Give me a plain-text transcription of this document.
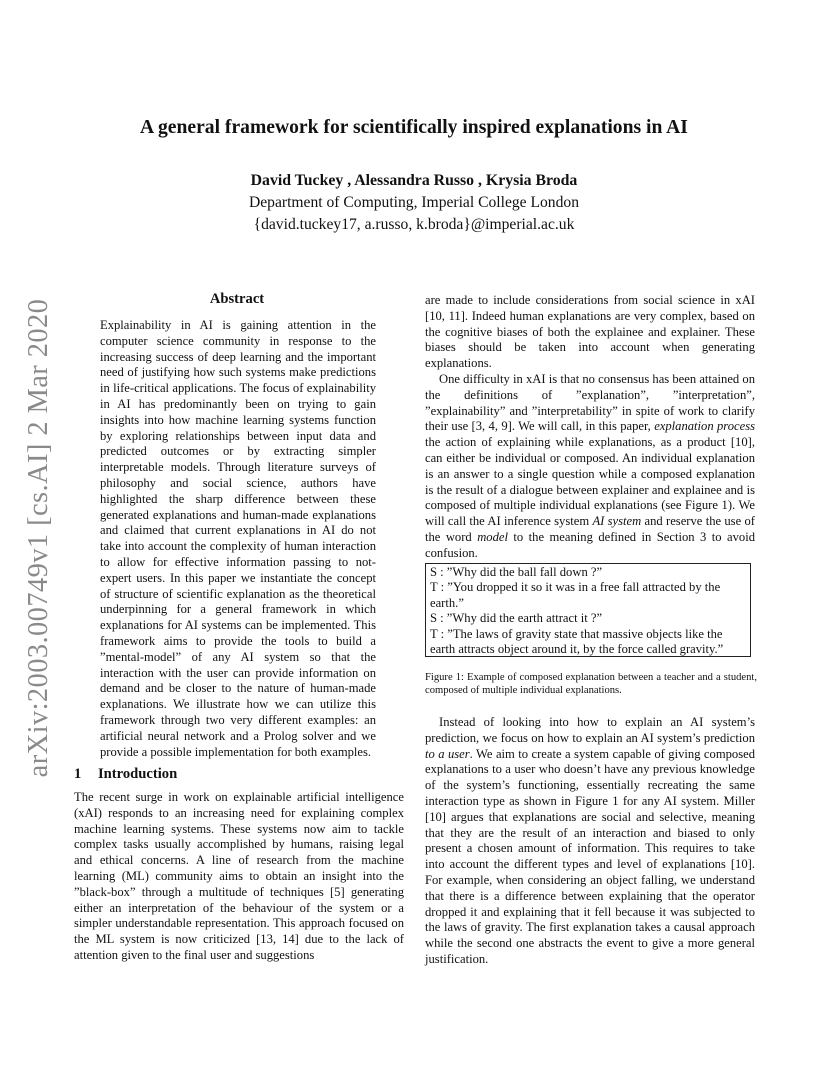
arXiv:2003.00749v1 [cs.AI] 2 Mar 2020
A general framework for scientifically inspired explanations in AI
David Tuckey , Alessandra Russo , Krysia Broda
Department of Computing, Imperial College London
{david.tuckey17, a.russo, k.broda}@imperial.ac.uk
Abstract

Explainability in AI is gaining attention in the computer science community in response to the increasing success of deep learning and the important need of justifying how such systems make predictions in life-critical applications. The focus of explainability in AI has predominantly been on trying to gain insights into how machine learning systems function by exploring relationships between input data and predicted outcomes or by extracting simpler interpretable models. Through literature surveys of philosophy and social science, authors have highlighted the sharp difference between these generated explanations and human-made explanations and claimed that current explanations in AI do not take into account the complexity of human interaction to allow for effective information passing to not-expert users. In this paper we instantiate the concept of structure of scientific explanation as the theoretical underpinning for a general framework in which explanations for AI systems can be implemented. This framework aims to provide the tools to build a ”mental-model” of any AI system so that the interaction with the user can provide information on demand and be closer to the nature of human-made explanations. We illustrate how we can utilize this framework through two very different examples: an artificial neural network and a Prolog solver and we provide a possible implementation for both examples.

1 Introduction

The recent surge in work on explainable artificial intelligence (xAI) responds to an increasing need for explaining complex machine learning systems. These systems now aim to tackle complex tasks usually accomplished by humans, raising legal and ethical concerns. A line of research from the machine learning (ML) community aims to obtain an insight into the ”black-box” through a multitude of techniques [5] generating either an interpretation of the behaviour of the system or a simpler understandable representation. This approach focused on the ML system is now criticized [13, 14] due to the lack of attention given to the final user and suggestions

are made to include considerations from social science in xAI [10, 11]. Indeed human explanations are very complex, based on the cognitive biases of both the explainee and explainer. These biases should be taken into account when generating explanations.

One difficulty in xAI is that no consensus has been attained on the definitions of ”explanation”, ”interpretation”, ”explainability” and ”interpretability” in spite of work to clarify their use [3, 4, 9]. We will call, in this paper, explanation process the action of explaining while explanations, as a product [10], can either be individual or composed. An individual explanation is an answer to a single question while a composed explanation is the result of a dialogue between explainer and explainee and is composed of multiple individual explanations (see Figure 1). We will call the AI inference system AI system and reserve the use of the word model to the meaning defined in Section 3 to avoid confusion.

S : ”Why did the ball fall down ?”
T : ”You dropped it so it was in a free fall attracted by the earth.”
S : ”Why did the earth attract it ?”
T : ”The laws of gravity state that massive objects like the earth attracts object around it, by the force called gravity.”

Figure 1: Example of composed explanation between a teacher and a student, composed of multiple individual explanations.

Instead of looking into how to explain an AI system’s prediction, we focus on how to explain an AI system’s prediction to a user. We aim to create a system capable of giving composed explanations to a user who doesn’t have any previous knowledge of the system’s functioning, essentially recreating the same interaction type as shown in Figure 1 for any AI system. Miller [10] argues that explanations are social and selective, meaning that they are the result of an interaction and biased to only present a chosen amount of information. This requires to take into account the different types and level of explanations [10]. For example, when considering an object falling, we understand that there is a difference between explaining that the operator dropped it and explaining that it fell because it was subjected to the laws of gravity. The first explanation takes a causal approach while the second one abstracts the event to give a more general justification.
